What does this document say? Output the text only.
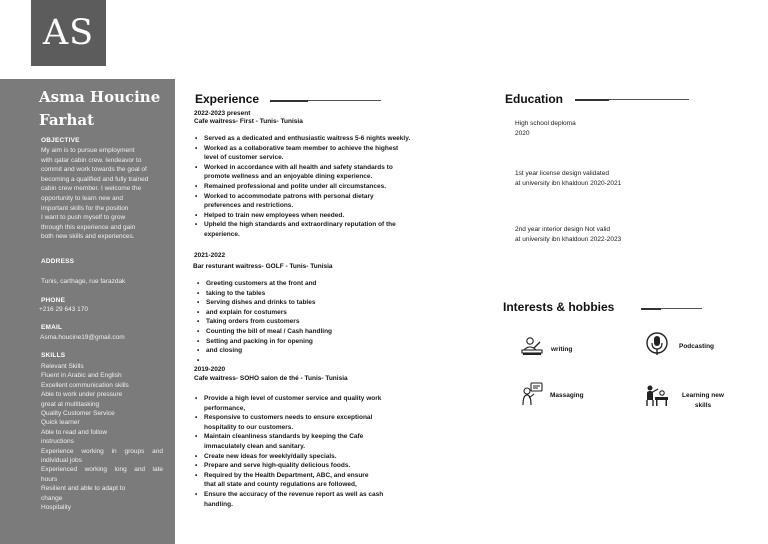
AS
Asma Houcine
Farhat
OBJECTIVE
My aim is to pursue employment
with qatar cabin crew. Iendeavor to
commit and work towards the goal of
becoming a qualified and fully trained
cabin crew member. I welcome the
opportunity to learn new and
important skills for the position
I want to push myself to grow
through this experience and gain
both new skills and experiences.
ADDRESS
Tunis, carthage, rue farazdak
PHONE
+216 29 643 170
EMAIL
Asma.houcine19@gmail.com
SKILLS
Relevant Skills
Fluent in Arabic and English
Excellent communication skills
Able to work under pressure
great at multitasking
Quality Customer Service
Quick learner
Able to read and follow
instructions
Experience working in groups and
individual jobs
Experienced working long and late
hours
Resilient and able to adapt to
change
Hospitality
Experience
2022-2023 present
Cafe waitress- First - Tunis- Tunisia
• Served as a dedicated and enthusiastic waitress 5-6 nights weekly.
• Worked as a collaborative team member to achieve the highest
level of customer service.
• Worked in accordance with all health and safety standards to
promote wellness and an enjoyable dining experience.
• Remained professional and polite under all circumstances.
• Worked to accommodate patrons with personal dietary
preferences and restrictions.
• Helped to train new employees when needed.
• Upheld the high standards and extraordinary reputation of the
experience.
2021-2022
Bar resturant waitress- GOLF - Tunis- Tunisia
• Greeting customers at the front and
• taking to the tables
• Serving dishes and drinks to tables
• and explain for costumers
• Taking orders from customers
• Counting the bill of meal / Cash handling
• Setting and packing in for opening
• and closing
•
2019-2020
Cafe waitress- SOHO salon de thé - Tunis- Tunisia
• Provide a high level of customer service and quality work
performance,
• Responsive to customers needs to ensure exceptional
hospitality to our customers.
• Maintain cleanliness standards by keeping the Cafe
immaculately clean and sanitary.
• Create new ideas for weekly/daily specials.
• Prepare and serve high-quality delicious foods.
• Required by the Health Department, ABC, and ensure
that all state and county regulations are followed,
• Ensure the accuracy of the revenue report as well as cash
handling.
Education
High school deploma
2020
1st year license design validated
at university ibn khaldoun 2020-2021
2nd year interior design Not valid
at university ibn khaldoun 2022-2023
Interests & hobbies
writing	Podcasting
Massaging	Learning new
skills
